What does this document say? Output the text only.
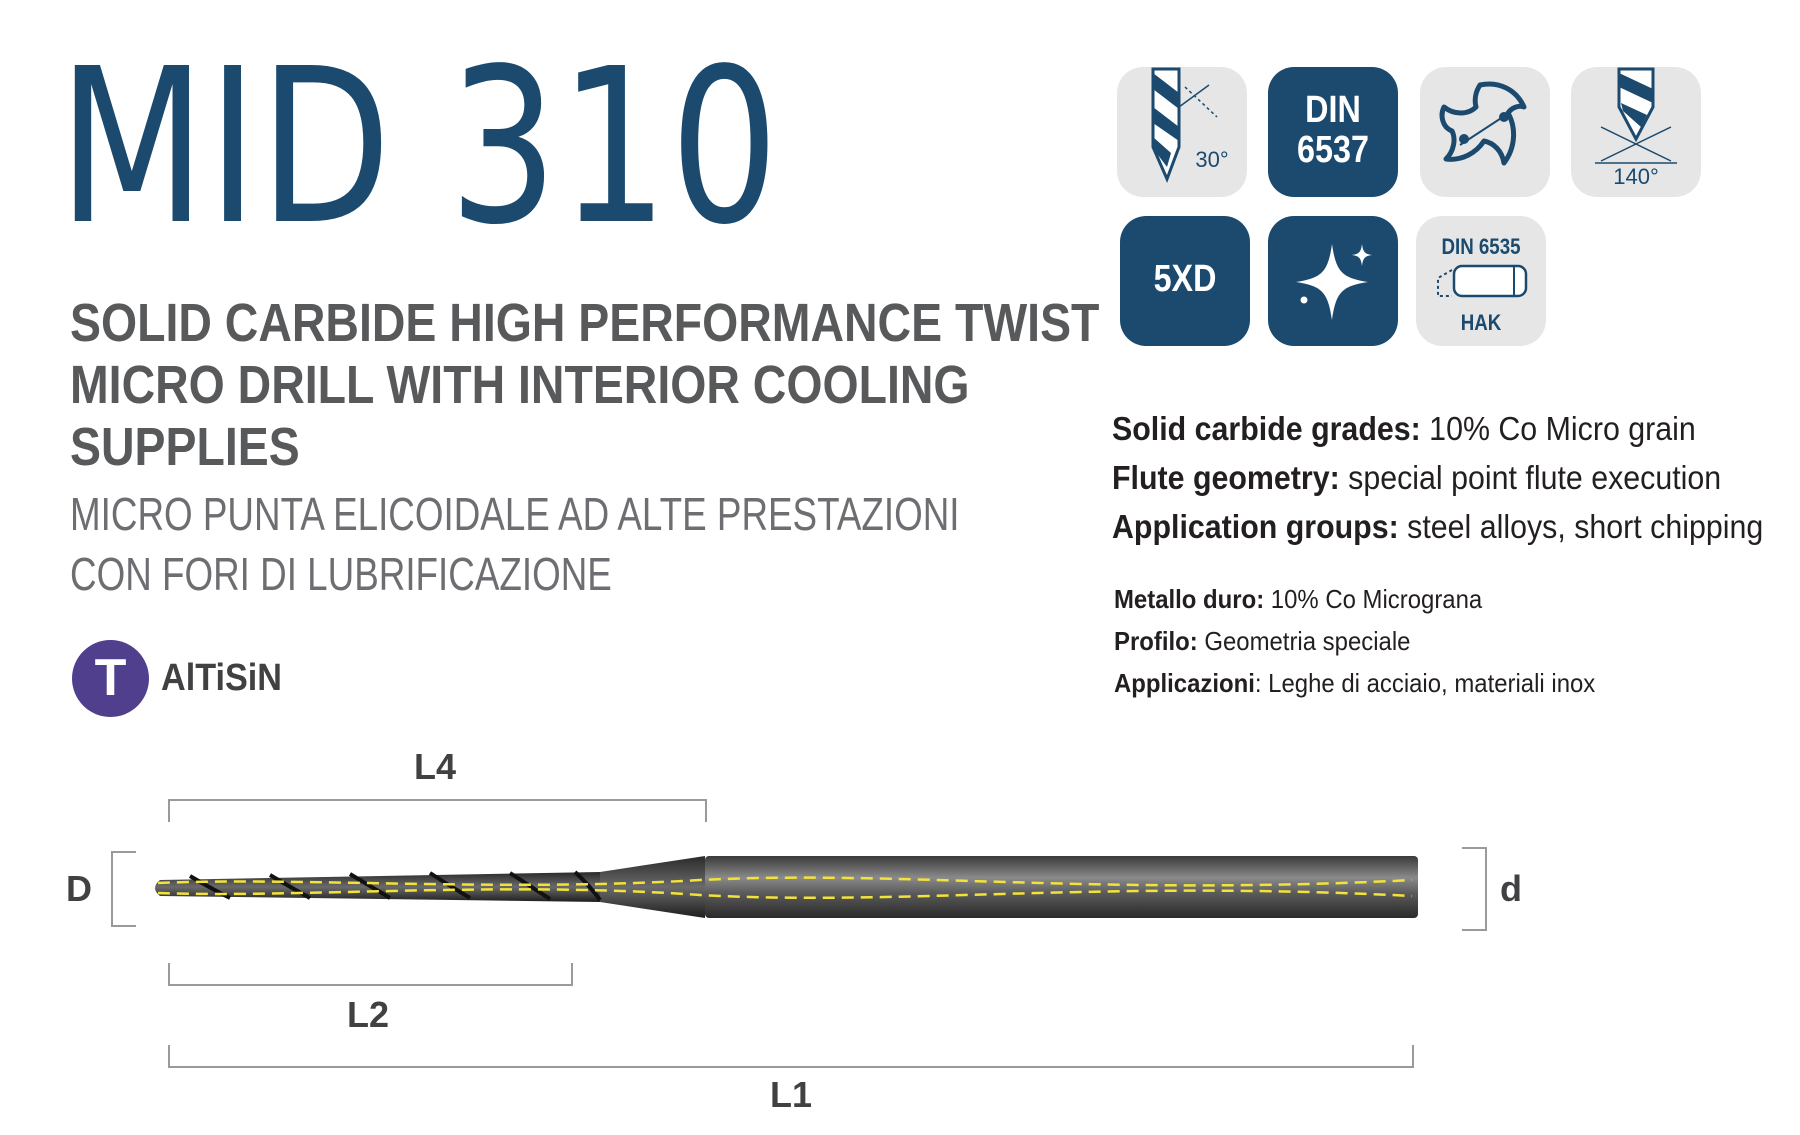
MID 310
SOLID CARBIDE HIGH PERFORMANCE TWIST
MICRO DRILL WITH INTERIOR COOLING
SUPPLIES
MICRO PUNTA ELICOIDALE AD ALTE PRESTAZIONI
CON FORI DI LUBRIFICAZIONE
T AlTiSiN
30°
DIN
6537
140°
5XD
DIN 6535
HAK
Solid carbide grades: 10% Co Micro grain
Flute geometry: special point flute execution
Application groups: steel alloys, short chipping
Metallo duro: 10% Co Micrograna
Profilo: Geometria speciale
Applicazioni: Leghe di acciaio, materiali inox
L4
L2
L1
D	d
